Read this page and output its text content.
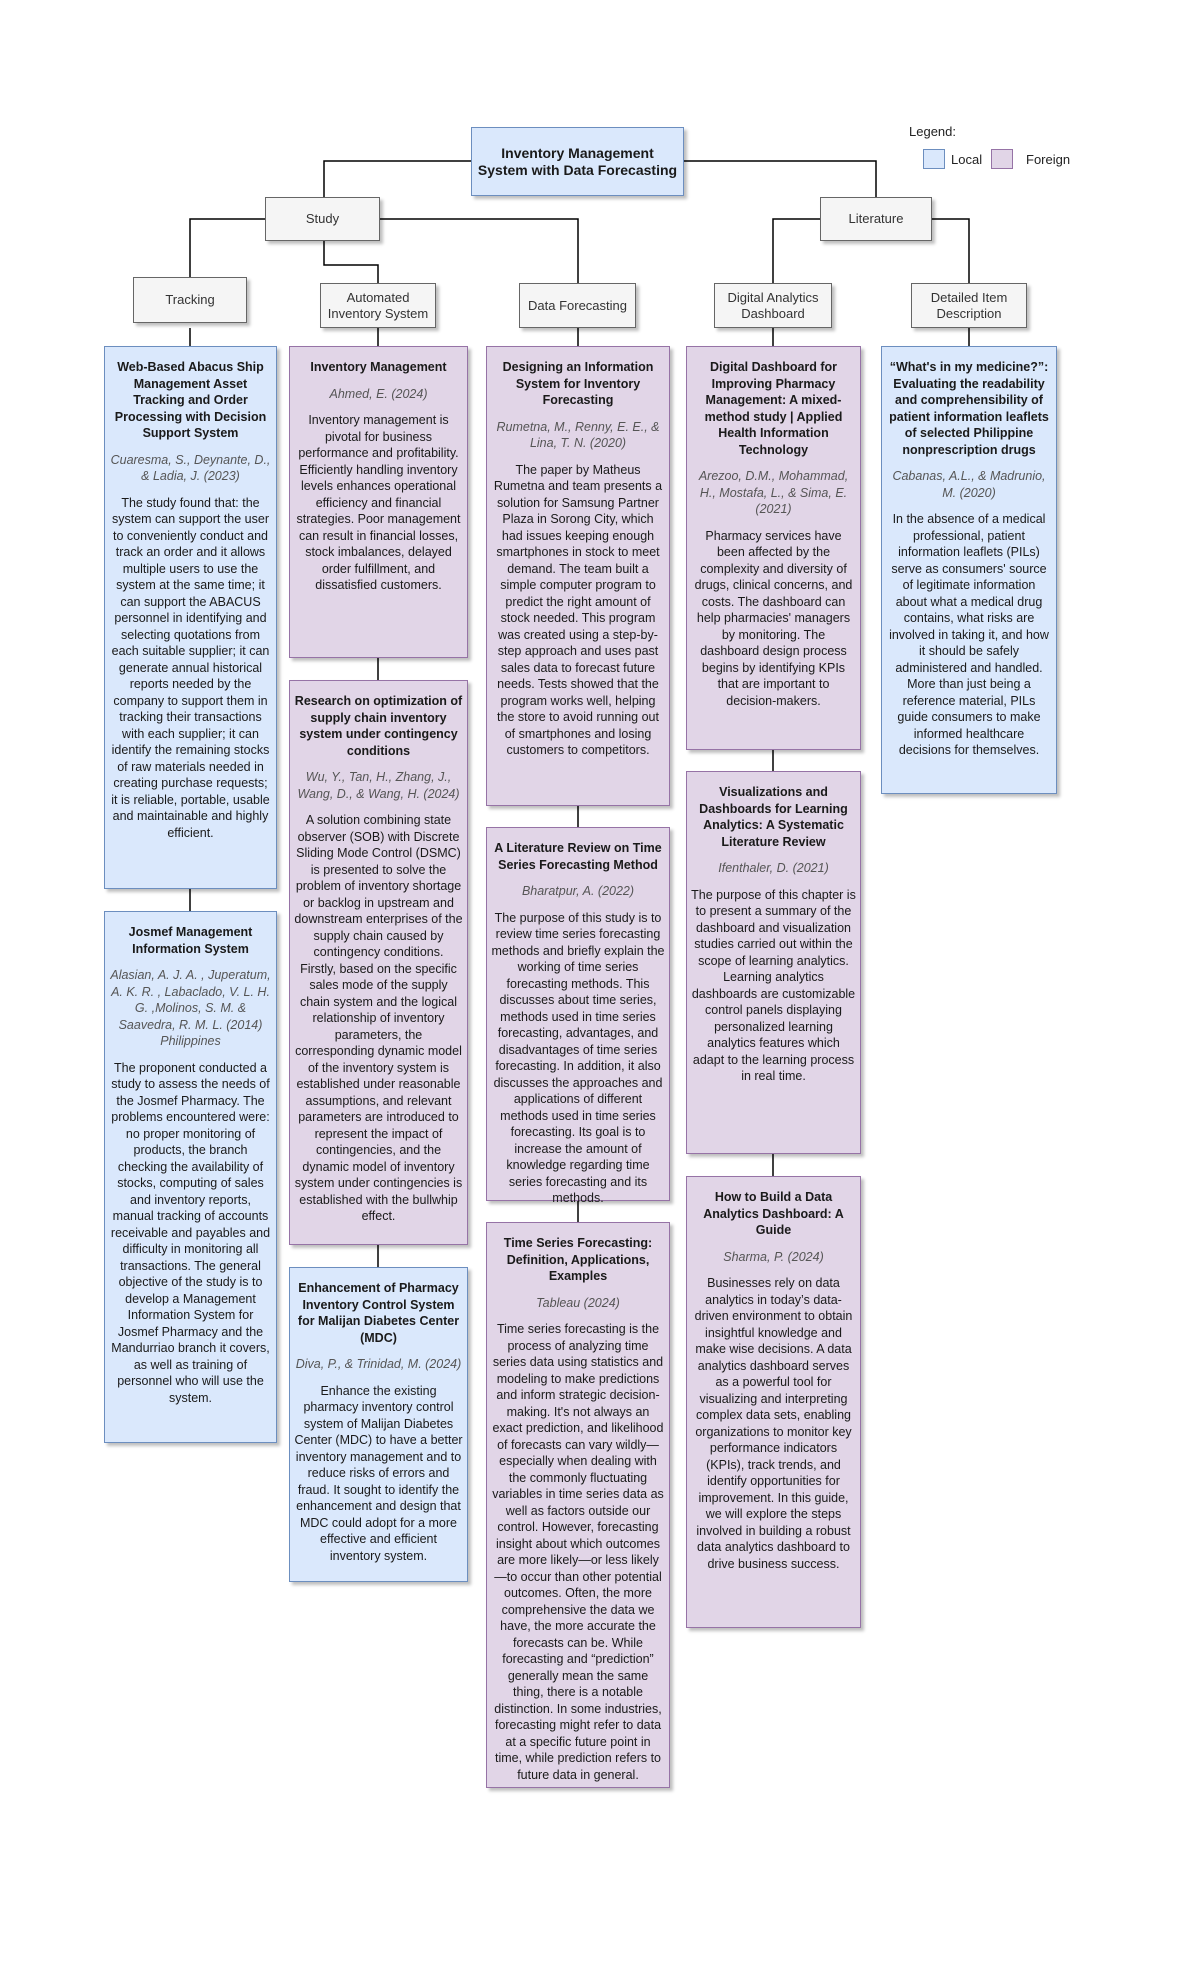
Inventory Management System with Data Forecasting
Legend:
Local	Foreign
Study	Literature
Tracking	Automated Inventory System
Data Forecasting
Digital Analytics Dashboard
Detailed Item Description

Web-Based Abacus Ship Management Asset Tracking and Order Processing with Decision Support System

Cuaresma, S., Deynante, D., & Ladia, J. (2023)

The study found that: the system can support the user to conveniently conduct and track an order and it allows multiple users to use the system at the same time; it can support the ABACUS personnel in identifying and selecting quotations from each suitable supplier; it can generate annual historical reports needed by the company to support them in tracking their transactions with each supplier; it can identify the remaining stocks of raw materials needed in creating purchase requests; it is reliable, portable, usable and maintainable and highly efficient.

Josmef Management Information System

Alasian, A. J. A. , Juperatum, A. K. R. , Labaclado, V. L. H. G. ,Molinos, S. M. & Saavedra, R. M. L. (2014) Philippines

The proponent conducted a study to assess the needs of the Josmef Pharmacy. The problems encountered were: no proper monitoring of products, the branch checking the availability of stocks, computing of sales and inventory reports, manual tracking of accounts receivable and payables and difficulty in monitoring all transactions. The general objective of the study is to develop a Management Information System for Josmef Pharmacy and the Mandurriao branch it covers, as well as training of personnel who will use the system.

Inventory Management

Ahmed, E. (2024)

Inventory management is pivotal for business performance and profitability. Efficiently handling inventory levels enhances operational efficiency and financial strategies. Poor management can result in financial losses, stock imbalances, delayed order fulfillment, and dissatisfied customers.

Research on optimization of supply chain inventory system under contingency conditions

Wu, Y., Tan, H., Zhang, J., Wang, D., & Wang, H. (2024)

A solution combining state observer (SOB) with Discrete Sliding Mode Control (DSMC) is presented to solve the problem of inventory shortage or backlog in upstream and downstream enterprises of the supply chain caused by contingency conditions. Firstly, based on the specific sales mode of the supply chain system and the logical relationship of inventory parameters, the corresponding dynamic model of the inventory system is established under reasonable assumptions, and relevant parameters are introduced to represent the impact of contingencies, and the dynamic model of inventory system under contingencies is established with the bullwhip effect.

Enhancement of Pharmacy Inventory Control System for Malijan Diabetes Center (MDC)

Diva, P., & Trinidad, M. (2024)

Enhance the existing pharmacy inventory control system of Malijan Diabetes Center (MDC) to have a better inventory management and to reduce risks of errors and fraud. It sought to identify the enhancement and design that MDC could adopt for a more effective and efficient inventory system.

Designing an Information System for Inventory Forecasting

Rumetna, M., Renny, E. E., & Lina, T. N. (2020)

The paper by Matheus Rumetna and team presents a solution for Samsung Partner Plaza in Sorong City, which had issues keeping enough smartphones in stock to meet demand. The team built a simple computer program to predict the right amount of stock needed. This program was created using a step-by-step approach and uses past sales data to forecast future needs. Tests showed that the program works well, helping the store to avoid running out of smartphones and losing customers to competitors.

A Literature Review on Time Series Forecasting Method

Bharatpur, A. (2022)

The purpose of this study is to review time series forecasting methods and briefly explain the working of time series forecasting methods. This discusses about time series, methods used in time series forecasting, advantages, and disadvantages of time series forecasting. In addition, it also discusses the approaches and applications of different methods used in time series forecasting. Its goal is to increase the amount of knowledge regarding time series forecasting and its methods.

Time Series Forecasting: Definition, Applications, Examples

Tableau (2024)

Time series forecasting is the process of analyzing time series data using statistics and modeling to make predictions and inform strategic decision-making. It's not always an exact prediction, and likelihood of forecasts can vary wildly—especially when dealing with the commonly fluctuating variables in time series data as well as factors outside our control. However, forecasting insight about which outcomes are more likely—or less likely—to occur than other potential outcomes. Often, the more comprehensive the data we have, the more accurate the forecasts can be. While forecasting and “prediction” generally mean the same thing, there is a notable distinction. In some industries, forecasting might refer to data at a specific future point in time, while prediction refers to future data in general.

Digital Dashboard for Improving Pharmacy Management: A mixed-method study | Applied Health Information Technology

Arezoo, D.M., Mohammad, H., Mostafa, L., & Sima, E. (2021)

Pharmacy services have been affected by the complexity and diversity of drugs, clinical concerns, and costs. The dashboard can help pharmacies' managers by monitoring. The dashboard design process begins by identifying KPIs that are important to decision-makers.

Visualizations and Dashboards for Learning Analytics: A Systematic Literature Review

Ifenthaler, D. (2021)

The purpose of this chapter is to present a summary of the dashboard and visualization studies carried out within the scope of learning analytics. Learning analytics dashboards are customizable control panels displaying personalized learning analytics features which adapt to the learning process in real time.

How to Build a Data Analytics Dashboard: A Guide

Sharma, P. (2024)

Businesses rely on data analytics in today’s data-driven environment to obtain insightful knowledge and make wise decisions. A data analytics dashboard serves as a powerful tool for visualizing and interpreting complex data sets, enabling organizations to monitor key performance indicators (KPIs), track trends, and identify opportunities for improvement. In this guide, we will explore the steps involved in building a robust data analytics dashboard to drive business success.

“What's in my medicine?”: Evaluating the readability and comprehensibility of patient information leaflets of selected Philippine nonprescription drugs

Cabanas, A.L., & Madrunio, M. (2020)

In the absence of a medical professional, patient information leaflets (PILs) serve as consumers' source of legitimate information about what a medical drug contains, what risks are involved in taking it, and how it should be safely administered and handled. More than just being a reference material, PILs guide consumers to make informed healthcare decisions for themselves.
